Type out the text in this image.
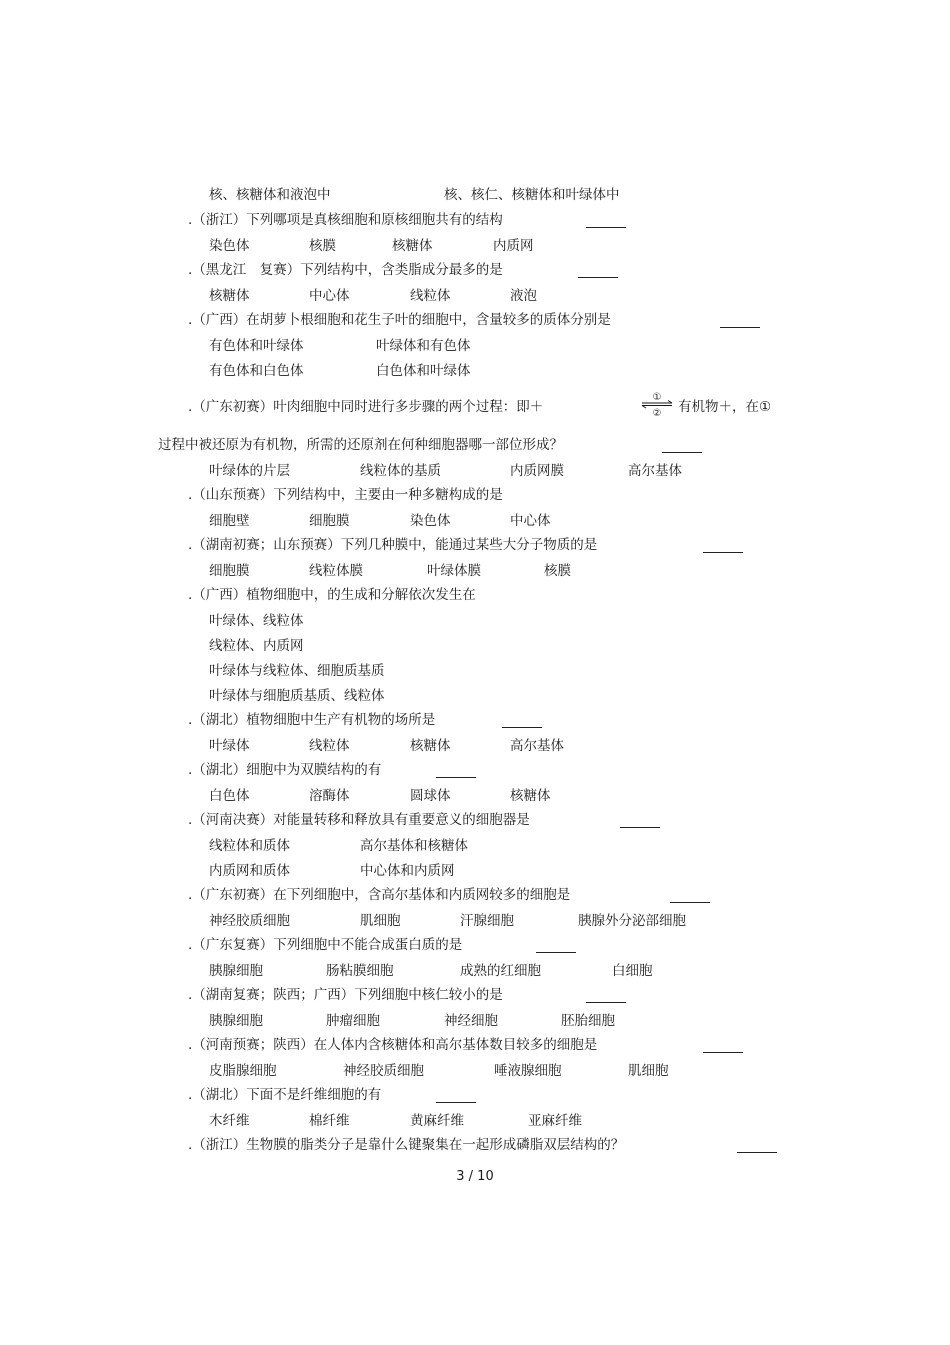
核、核糖体和液泡中	核、核仁、核糖体和叶绿体中
.（浙江）下列哪项是真核细胞和原核细胞共有的结构
染色体	核膜	核糖体	内质网
.（黑龙江　复赛）下列结构中，含类脂成分最多的是
核糖体	中心体	线粒体	液泡
.（广西）在胡萝卜根细胞和花生子叶的细胞中，含量较多的质体分别是
有色体和叶绿体	叶绿体和有色体
有色体和白色体	白色体和叶绿体
.（广东初赛）叶肉细胞中同时进行多步骤的两个过程：即＋	有机物＋，在①
过程中被还原为有机物，所需的还原剂在何种细胞器哪一部位形成？
叶绿体的片层	线粒体的基质	内质网膜	高尔基体
.（山东预赛）下列结构中，主要由一种多糖构成的是
细胞壁	细胞膜	染色体	中心体
.（湖南初赛；山东预赛）下列几种膜中，能通过某些大分子物质的是
细胞膜	线粒体膜	叶绿体膜	核膜
.（广西）植物细胞中，的生成和分解依次发生在
叶绿体、线粒体
线粒体、内质网
叶绿体与线粒体、细胞质基质
叶绿体与细胞质基质、线粒体
.（湖北）植物细胞中生产有机物的场所是
叶绿体	线粒体	核糖体	高尔基体
.（湖北）细胞中为双膜结构的有
白色体	溶酶体	圆球体	核糖体
.（河南决赛）对能量转移和释放具有重要意义的细胞器是
线粒体和质体	高尔基体和核糖体
内质网和质体	中心体和内质网
.（广东初赛）在下列细胞中，含高尔基体和内质网较多的细胞是
神经胶质细胞	肌细胞	汗腺细胞	胰腺外分泌部细胞
.（广东复赛）下列细胞中不能合成蛋白质的是
胰腺细胞	肠粘膜细胞	成熟的红细胞	白细胞
.（湖南复赛；陕西；广西）下列细胞中核仁较小的是
胰腺细胞	肿瘤细胞	神经细胞	胚胎细胞
.（河南预赛；陕西）在人体内含核糖体和高尔基体数目较多的细胞是
皮脂腺细胞	神经胶质细胞	唾液腺细胞	肌细胞
.（湖北）下面不是纤维细胞的有
木纤维	棉纤维	黄麻纤维	亚麻纤维
.（浙江）生物膜的脂类分子是靠什么键聚集在一起形成磷脂双层结构的？
①
②
3 / 10
